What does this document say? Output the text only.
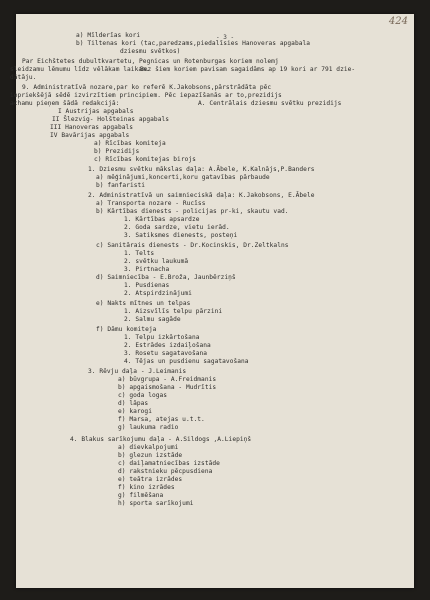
424
- 3 -
a) Mīlderīas kori
b) Tiltenas kori (tac,paredzams,piedalīsies Hanoveras apgabala
dziesmu svētkos)
Par Eichštetes dubultkvartetu, Pegnicas un Rotenburgas koriem nolemj
sleidzamu lēmumu līdz vēlākam laikam.
Bez šiem koriem pavisam sagaidāms ap 19 kori ar 791 dzie-
dātāju.
9. Administratīvā nozare,par ko referē K.Jakobsons,pārstrādāta pēc
iepriekšējā sēdē izvirzītiem principiem. Pēc iepazīšanās ar to,prezidijs
achamu pieņem šādā redakcijā:	A. Centrālais dziesmu svētku prezidijs
I Austrijas apgabals
II Šlezvig- Holšteinas apgabals
III Hanoveras apgabals
IV Bavārijas apgabals
a) Rīcības komiteja
b) Prezidijs
c) Rīcības komitejas birojs
1. Dziesmu svētku mākslas daļa: A.Ābele, K.Kalnājs,P.Banders
a) mēģinājumi,koncerti,koru gatavības pārbaude
b) fanfaristi
2. Administratīvā un saimnieciskā daļa: K.Jakobsons, E.Ābele
a) Transporta nozare - Rucīss
b) Kārtības dienests - policijas pr-ki, skautu vad.
1. Kārtības apsardze
2. Goda sardze, vietu ierād.
3. Satiksmes dienests, posteņi
c) Sanitārais dienests - Dr.Kocinskis, Dr.Zeltkalns
1. Telts
2. svētku laukumā
3. Pirtnacha
d) Saimniecība - E.Broža, Jaunbērziņš
1. Pusdienas
2. Atspirdzinājumi
e) Nakts mītnes un telpas
1. Aizsvīlīs telpu pārzini
2. Salmu sagāde
f) Dāmu komiteja
1. Telpu izkārtošana
2. Estrādes izdaiļošana
3. Rosetu sagatavošana
4. Tējas un pusdienu sagatavošana
3. Rēvju daļa - J.Leimanis
a) būvgrupa - A.Freidmanis
b) apgaismošana - Mudrītis
c) goda logas
d) lāpas
e) karogi
f) Marsa, atejas u.t.t.
g) laukuma radio
4. Blakus sarīkojumu daļa - A.Sildogs ,A.Liepiņš
a) dievkalpojumi
b) glezun izstāde
c) daiļamatniecības izstāde
d) rakstnieku pēcpusdiena
e) teātra izrādes
f) kino izrādes
g) filmēšana
h) sporta sarīkojumi
